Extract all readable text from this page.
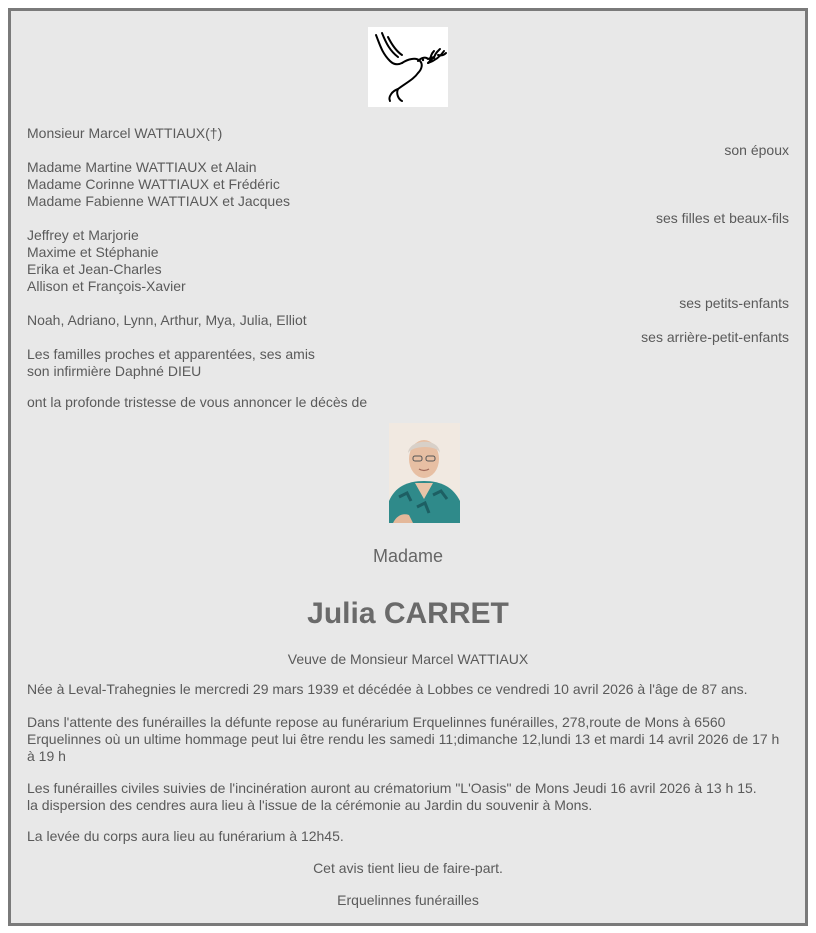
Monsieur Marcel WATTIAUX(†)
son époux
Madame Martine WATTIAUX et Alain
Madame Corinne WATTIAUX et Frédéric
Madame Fabienne WATTIAUX et Jacques
ses filles et beaux-fils
Jeffrey et Marjorie
Maxime et Stéphanie
Erika et Jean-Charles
Allison et François-Xavier
ses petits-enfants
Noah, Adriano, Lynn, Arthur, Mya, Julia, Elliot
ses arrière-petit-enfants
Les familles proches et apparentées, ses amis
son infirmière Daphné DIEU
ont la profonde tristesse de vous annoncer le décès de
Madame
Julia CARRET
Veuve de Monsieur Marcel WATTIAUX
Née à Leval-Trahegnies le mercredi 29 mars 1939 et décédée à Lobbes ce vendredi 10 avril 2026 à l'âge de 87 ans.
Dans l'attente des funérailles la défunte repose au funérarium Erquelinnes funérailles, 278,route de Mons à 6560 Erquelinnes où un ultime hommage peut lui être rendu les samedi 11;dimanche 12,lundi 13 et mardi 14 avril 2026 de 17 h à 19 h
Les funérailles civiles suivies de l'incinération auront au crématorium "L'Oasis" de Mons Jeudi 16 avril 2026 à 13 h 15.
la dispersion des cendres aura lieu à l'issue de la cérémonie au Jardin du souvenir à Mons.
La levée du corps aura lieu au funérarium à 12h45.
Cet avis tient lieu de faire-part.
Erquelinnes funérailles
